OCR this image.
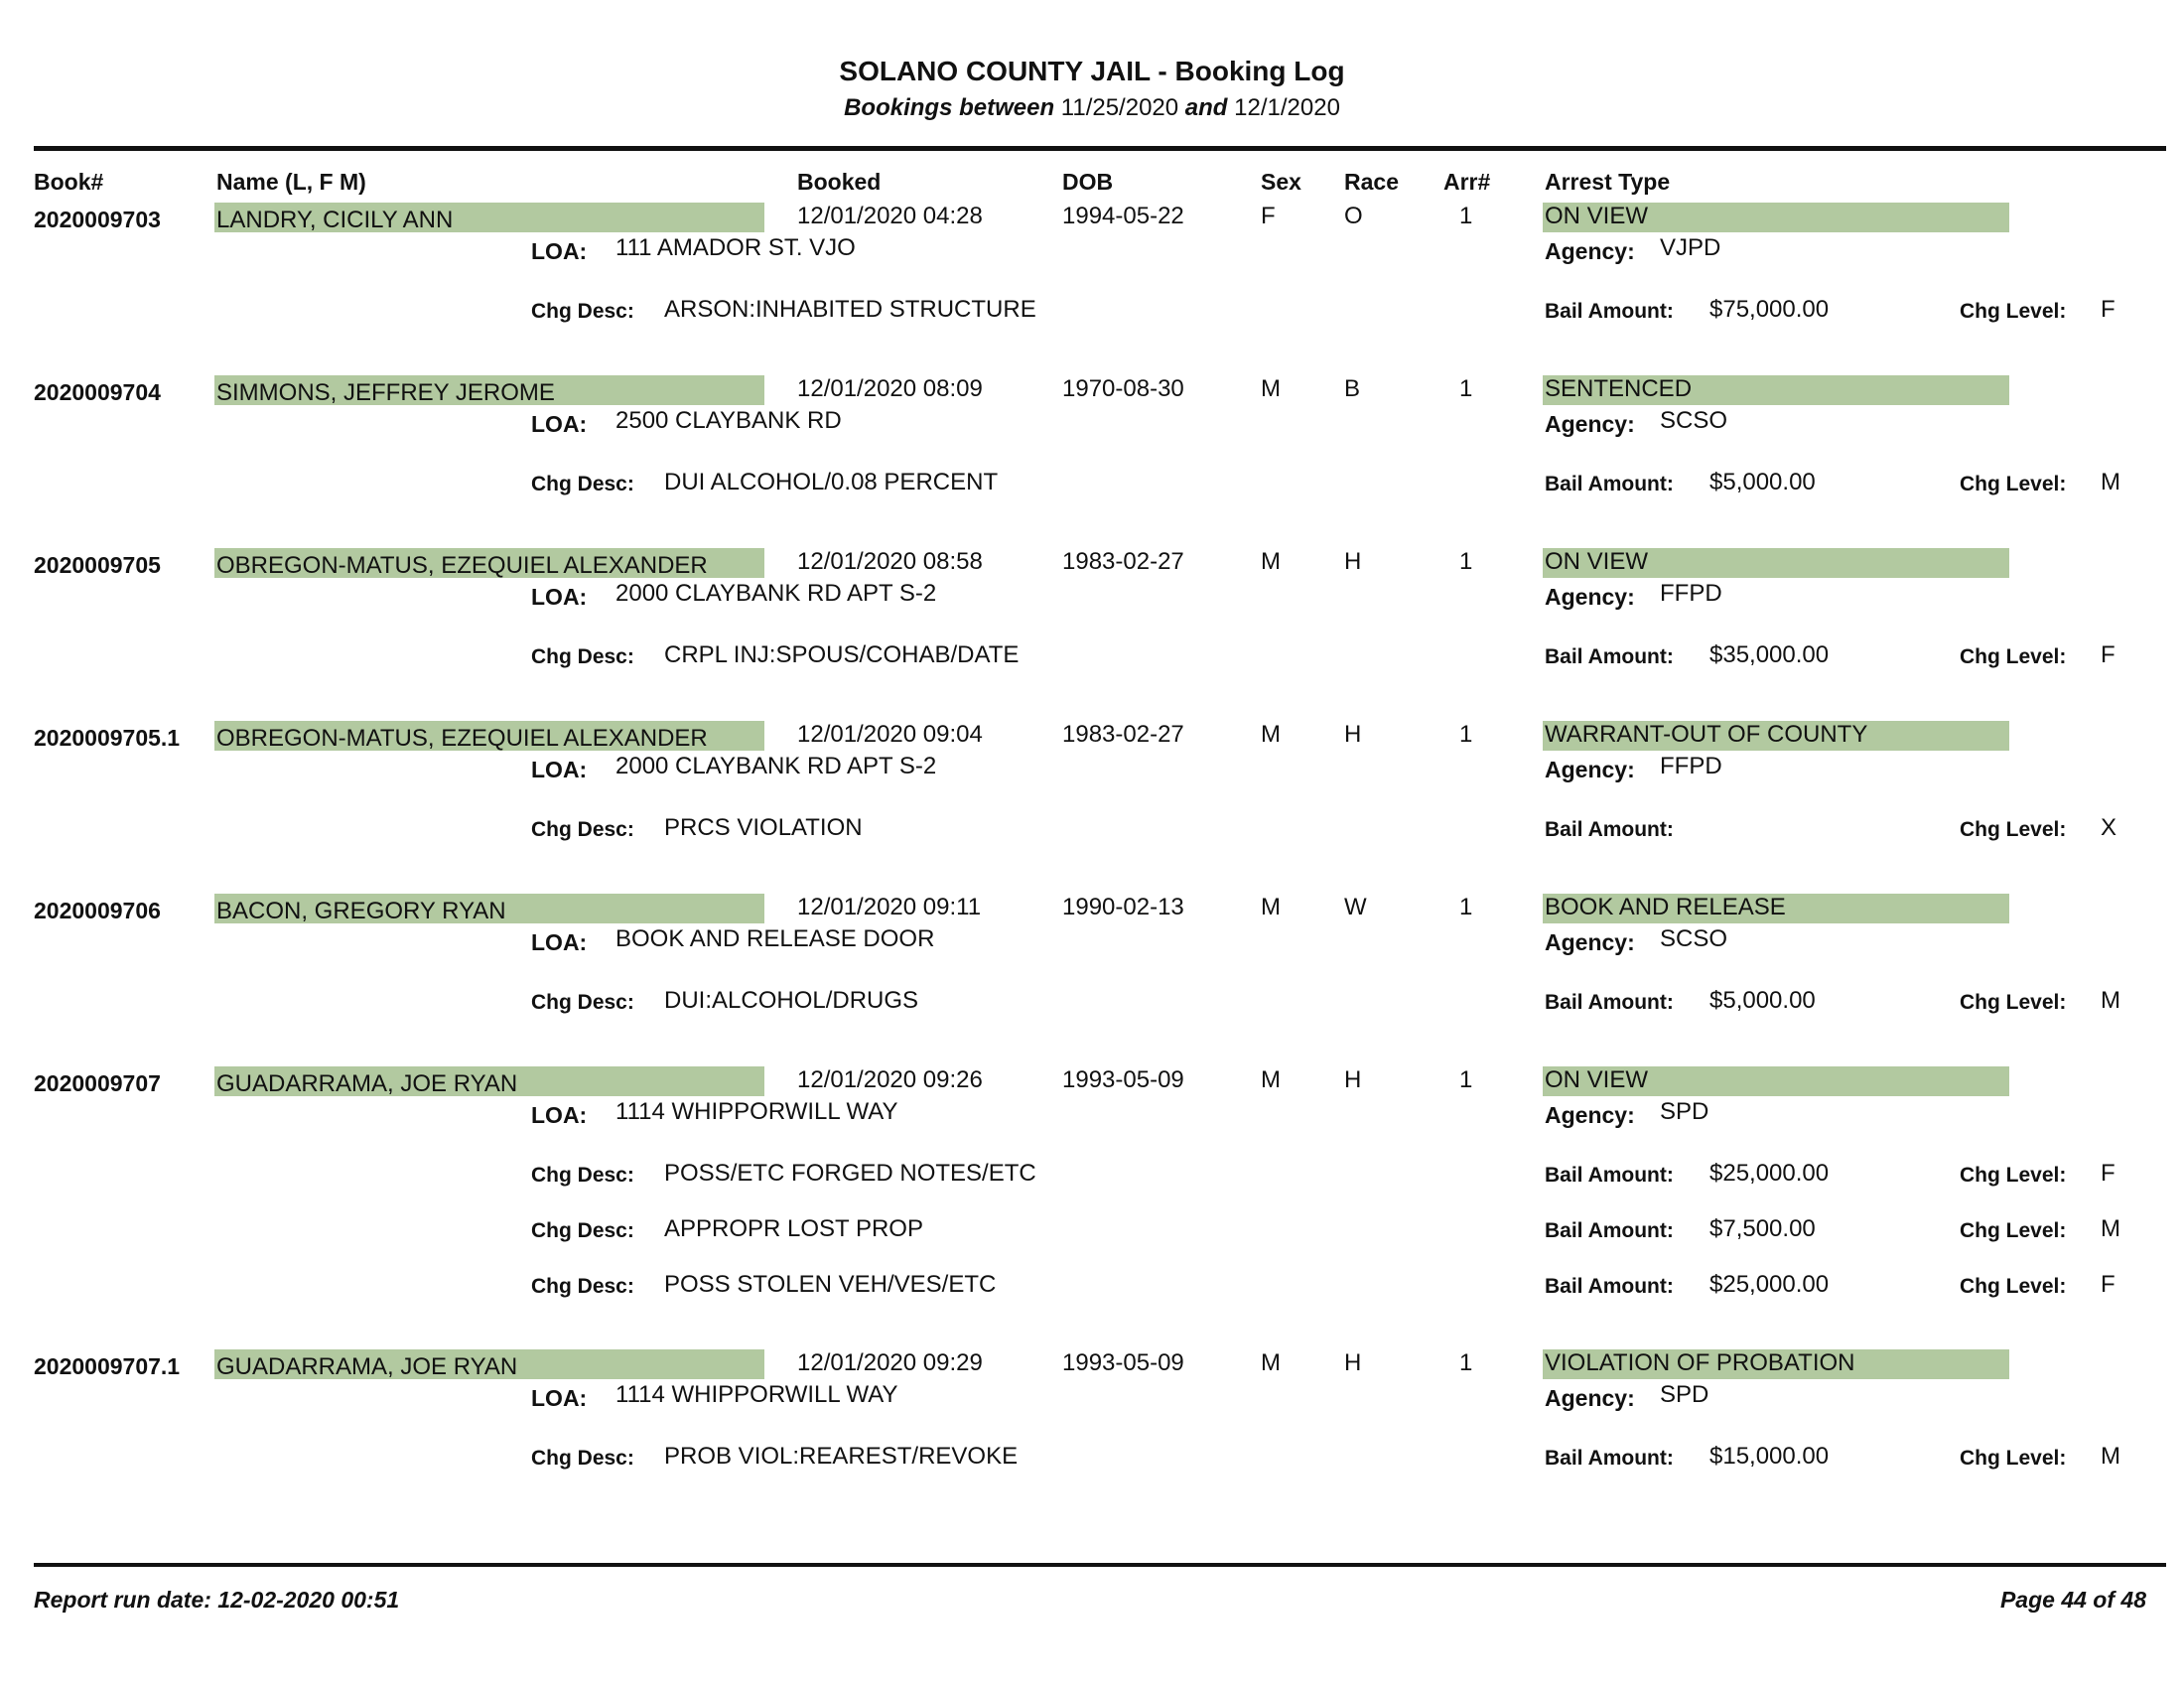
SOLANO COUNTY JAIL - Booking Log
Bookings between 11/25/2020 and 12/1/2020
Book#	Name (L, F M)	Booked	DOB	Sex Race Arr# Arrest Type
2020009703 LANDRY, CICILY ANN	12/01/2020 04:28	1994-05-22	F	O	1	ON VIEW
LOA: 111 AMADOR ST. VJO	Agency: VJPD
Chg Desc: ARSON:INHABITED STRUCTURE	Bail Amount: $75,000.00	Chg Level: F
2020009704 SIMMONS, JEFFREY JEROME	12/01/2020 08:09	1970-08-30	M	B	1	SENTENCED
LOA: 2500 CLAYBANK RD	Agency: SCSO
Chg Desc: DUI ALCOHOL/0.08 PERCENT	Bail Amount: $5,000.00	Chg Level: M
2020009705 OBREGON-MATUS, EZEQUIEL ALEXANDER	12/01/2020 08:58	1983-02-27	M	H	1	ON VIEW
LOA: 2000 CLAYBANK RD APT S-2	Agency: FFPD
Chg Desc: CRPL INJ:SPOUS/COHAB/DATE	Bail Amount: $35,000.00	Chg Level: F
2020009705.1 OBREGON-MATUS, EZEQUIEL ALEXANDER	12/01/2020 09:04	1983-02-27	M	H	1	WARRANT-OUT OF COUNTY
LOA: 2000 CLAYBANK RD APT S-2	Agency: FFPD
Chg Desc: PRCS VIOLATION	Bail Amount:	Chg Level: X
2020009706 BACON, GREGORY RYAN	12/01/2020 09:11	1990-02-13	M	W	1	BOOK AND RELEASE
LOA: BOOK AND RELEASE DOOR	Agency: SCSO
Chg Desc: DUI:ALCOHOL/DRUGS	Bail Amount: $5,000.00	Chg Level: M
2020009707 GUADARRAMA, JOE RYAN	12/01/2020 09:26	1993-05-09	M	H	1	ON VIEW
LOA: 1114 WHIPPORWILL WAY	Agency: SPD
Chg Desc: POSS/ETC FORGED NOTES/ETC	Bail Amount: $25,000.00	Chg Level: F
Chg Desc: APPROPR LOST PROP	Bail Amount: $7,500.00	Chg Level: M
Chg Desc: POSS STOLEN VEH/VES/ETC	Bail Amount: $25,000.00	Chg Level: F
2020009707.1 GUADARRAMA, JOE RYAN	12/01/2020 09:29	1993-05-09	M	H	1	VIOLATION OF PROBATION
LOA: 1114 WHIPPORWILL WAY	Agency: SPD
Chg Desc: PROB VIOL:REAREST/REVOKE	Bail Amount: $15,000.00	Chg Level: M
Report run date: 12-02-2020 00:51	Page 44 of 48
